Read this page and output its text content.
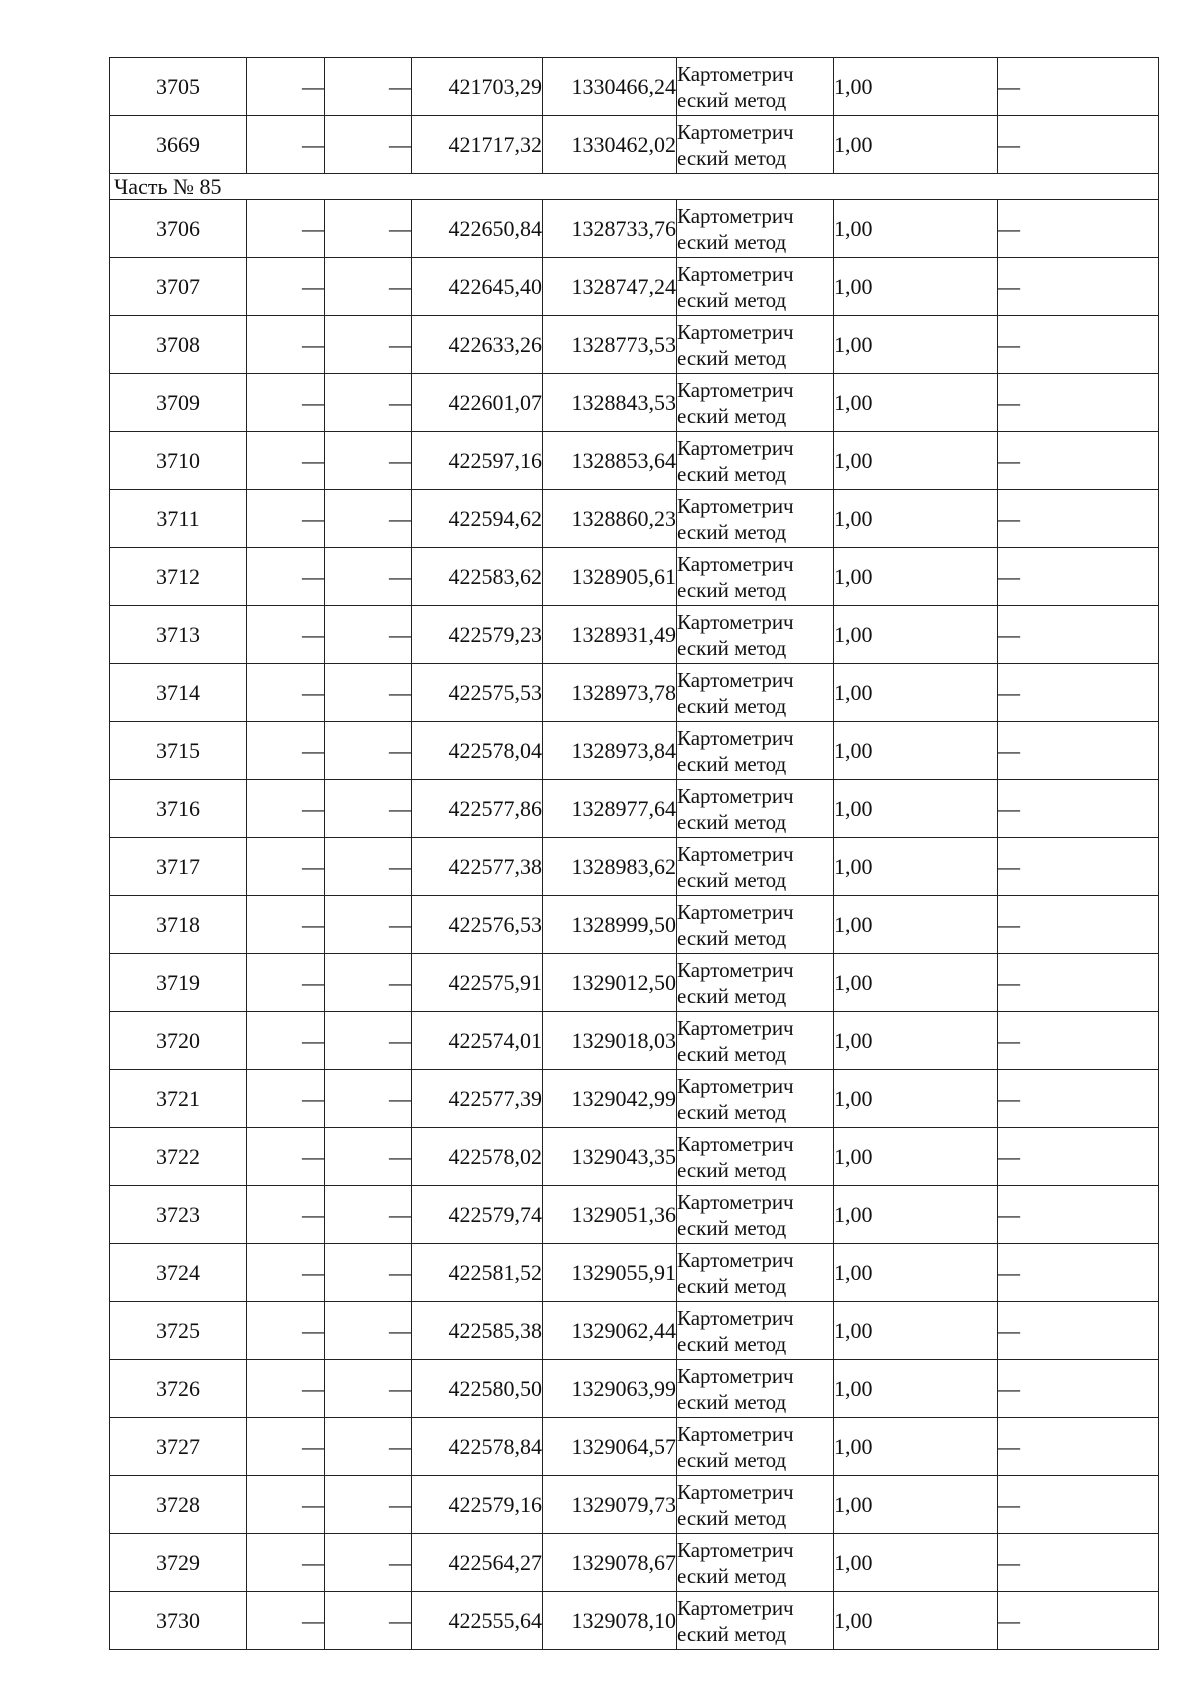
3705	—	—	421703,29	1330466,24	Картометрич еский метод	1,00	—
3669	—	—	421717,32	1330462,02	Картометрич еский метод	1,00	—
Часть № 85							
3706	—	—	422650,84	1328733,76	Картометрич еский метод	1,00	—
3707	—	—	422645,40	1328747,24	Картометрич еский метод	1,00	—
3708	—	—	422633,26	1328773,53	Картометрич еский метод	1,00	—
3709	—	—	422601,07	1328843,53	Картометрич еский метод	1,00	—
3710	—	—	422597,16	1328853,64	Картометрич еский метод	1,00	—
3711	—	—	422594,62	1328860,23	Картометрич еский метод	1,00	—
3712	—	—	422583,62	1328905,61	Картометрич еский метод	1,00	—
3713	—	—	422579,23	1328931,49	Картометрич еский метод	1,00	—
3714	—	—	422575,53	1328973,78	Картометрич еский метод	1,00	—
3715	—	—	422578,04	1328973,84	Картометрич еский метод	1,00	—
3716	—	—	422577,86	1328977,64	Картометрич еский метод	1,00	—
3717	—	—	422577,38	1328983,62	Картометрич еский метод	1,00	—
3718	—	—	422576,53	1328999,50	Картометрич еский метод	1,00	—
3719	—	—	422575,91	1329012,50	Картометрич еский метод	1,00	—
3720	—	—	422574,01	1329018,03	Картометрич еский метод	1,00	—
3721	—	—	422577,39	1329042,99	Картометрич еский метод	1,00	—
3722	—	—	422578,02	1329043,35	Картометрич еский метод	1,00	—
3723	—	—	422579,74	1329051,36	Картометрич еский метод	1,00	—
3724	—	—	422581,52	1329055,91	Картометрич еский метод	1,00	—
3725	—	—	422585,38	1329062,44	Картометрич еский метод	1,00	—
3726	—	—	422580,50	1329063,99	Картометрич еский метод	1,00	—
3727	—	—	422578,84	1329064,57	Картометрич еский метод	1,00	—
3728	—	—	422579,16	1329079,73	Картометрич еский метод	1,00	—
3729	—	—	422564,27	1329078,67	Картометрич еский метод	1,00	—
3730	—	—	422555,64	1329078,10	Картометрич еский метод	1,00	—
